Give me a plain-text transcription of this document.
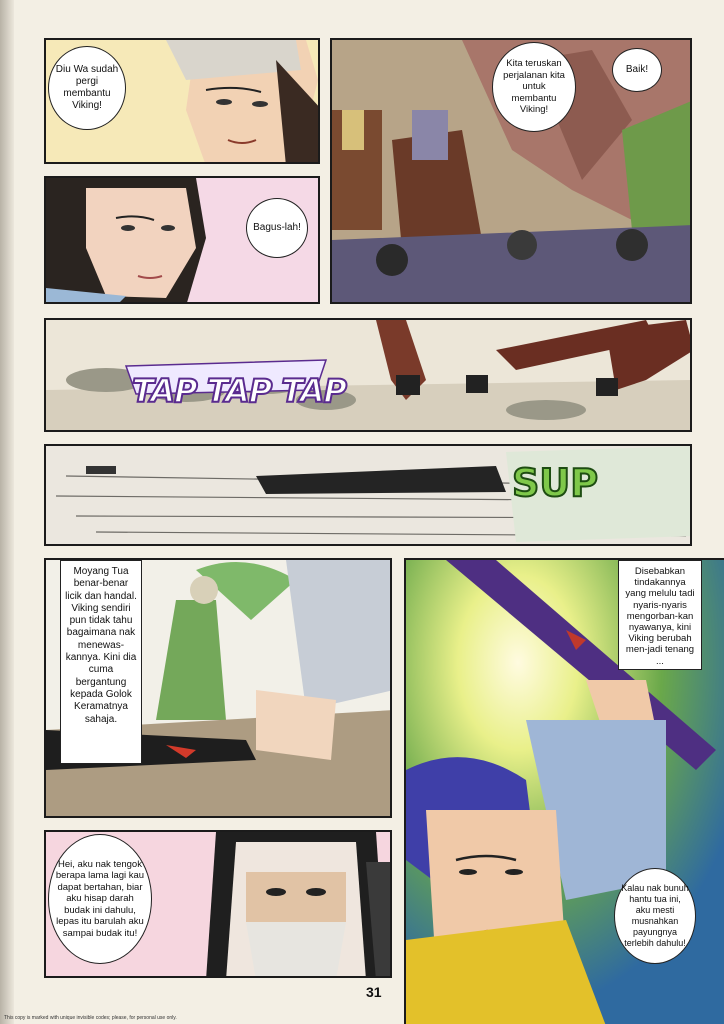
Diu Wa sudah pergi membantu Viking!
Kita teruskan perjalanan kita untuk membantu Viking!
Baik!
Bagus-lah!
TAP TAP TAP
SUP
Moyang Tua benar-benar licik dan handal. Viking sendiri pun tidak tahu bagaimana nak menewas-kannya. Kini dia cuma bergantung kepada Golok Keramatnya sahaja.
Hei, aku nak tengok berapa lama lagi kau dapat bertahan, biar aku hisap darah budak ini dahulu, lepas itu barulah aku sampai budak itu!
Disebabkan tindakannya yang melulu tadi nyaris-nyaris mengorban-kan nyawanya, kini Viking berubah men-jadi tenang ...
Kalau nak bunuh hantu tua ini, aku mesti musnahkan payungnya terlebih dahulu!
31
This copy is marked with unique invisible codes; please, for personal use only.
